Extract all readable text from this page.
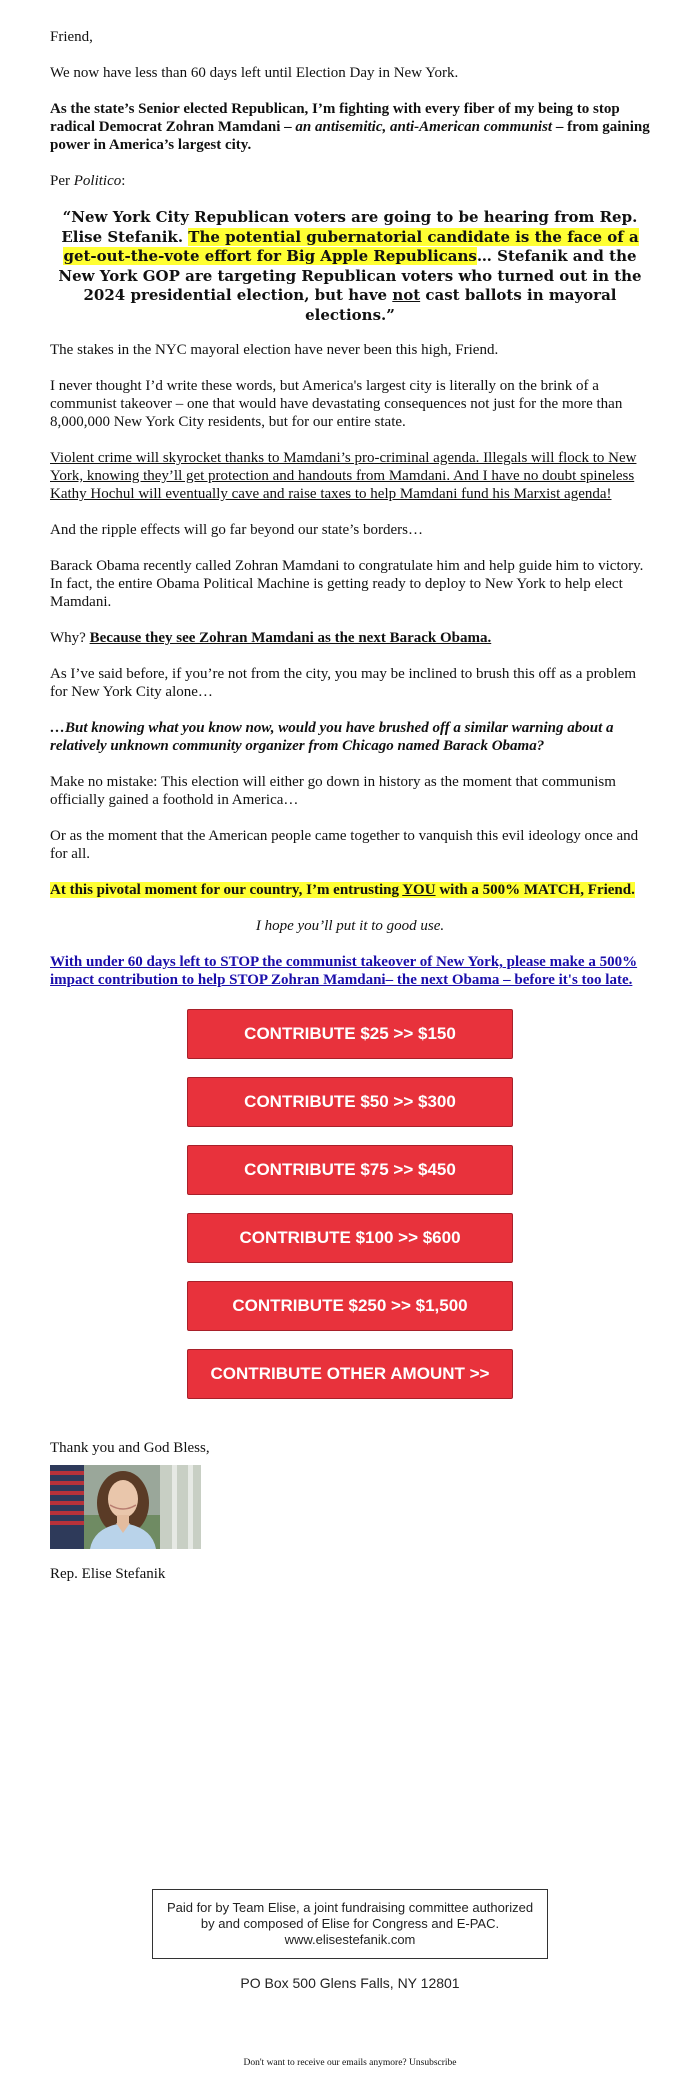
Friend,

We now have less than 60 days left until Election Day in New York.

As the state’s Senior elected Republican, I’m fighting with every fiber of my being to stop radical Democrat Zohran Mamdani – an antisemitic, anti-American communist – from gaining power in America’s largest city.

Per Politico:

“New York City Republican voters are going to be hearing from Rep. Elise Stefanik. The potential gubernatorial candidate is the face of a get-out-the-vote effort for Big Apple Republicans… Stefanik and the New York GOP are targeting Republican voters who turned out in the 2024 presidential election, but have not cast ballots in mayoral elections.”

The stakes in the NYC mayoral election have never been this high, Friend.

I never thought I’d write these words, but America's largest city is literally on the brink of a communist takeover – one that would have devastating consequences not just for the more than 8,000,000 New York City residents, but for our entire state.

Violent crime will skyrocket thanks to Mamdani’s pro-criminal agenda. Illegals will flock to New York, knowing they’ll get protection and handouts from Mamdani. And I have no doubt spineless Kathy Hochul will eventually cave and raise taxes to help Mamdani fund his Marxist agenda!

And the ripple effects will go far beyond our state’s borders…

Barack Obama recently called Zohran Mamdani to congratulate him and help guide him to victory. In fact, the entire Obama Political Machine is getting ready to deploy to New York to help elect Mamdani.

Why? Because they see Zohran Mamdani as the next Barack Obama.

As I’ve said before, if you’re not from the city, you may be inclined to brush this off as a problem for New York City alone…

…But knowing what you know now, would you have brushed off a similar warning about a relatively unknown community organizer from Chicago named Barack Obama?

Make no mistake: This election will either go down in history as the moment that communism officially gained a foothold in America…

Or as the moment that the American people came together to vanquish this evil ideology once and for all.

At this pivotal moment for our country, I’m entrusting YOU with a 500% MATCH, Friend.

I hope you’ll put it to good use.

With under 60 days left to STOP the communist takeover of New York, please make a 500% impact contribution to help STOP Zohran Mamdani– the next Obama – before it's too late.

CONTRIBUTE $25 >> $150
CONTRIBUTE $50 >> $300
CONTRIBUTE $75 >> $450
CONTRIBUTE $100 >> $600
CONTRIBUTE $250 >> $1,500
CONTRIBUTE OTHER AMOUNT >>

Thank you and God Bless,

Rep. Elise Stefanik

Paid for by Team Elise, a joint fundraising committee authorized by and composed of Elise for Congress and E-PAC. www.elisestefanik.com
PO Box 500 Glens Falls, NY 12801
Don't want to receive our emails anymore? Unsubscribe
